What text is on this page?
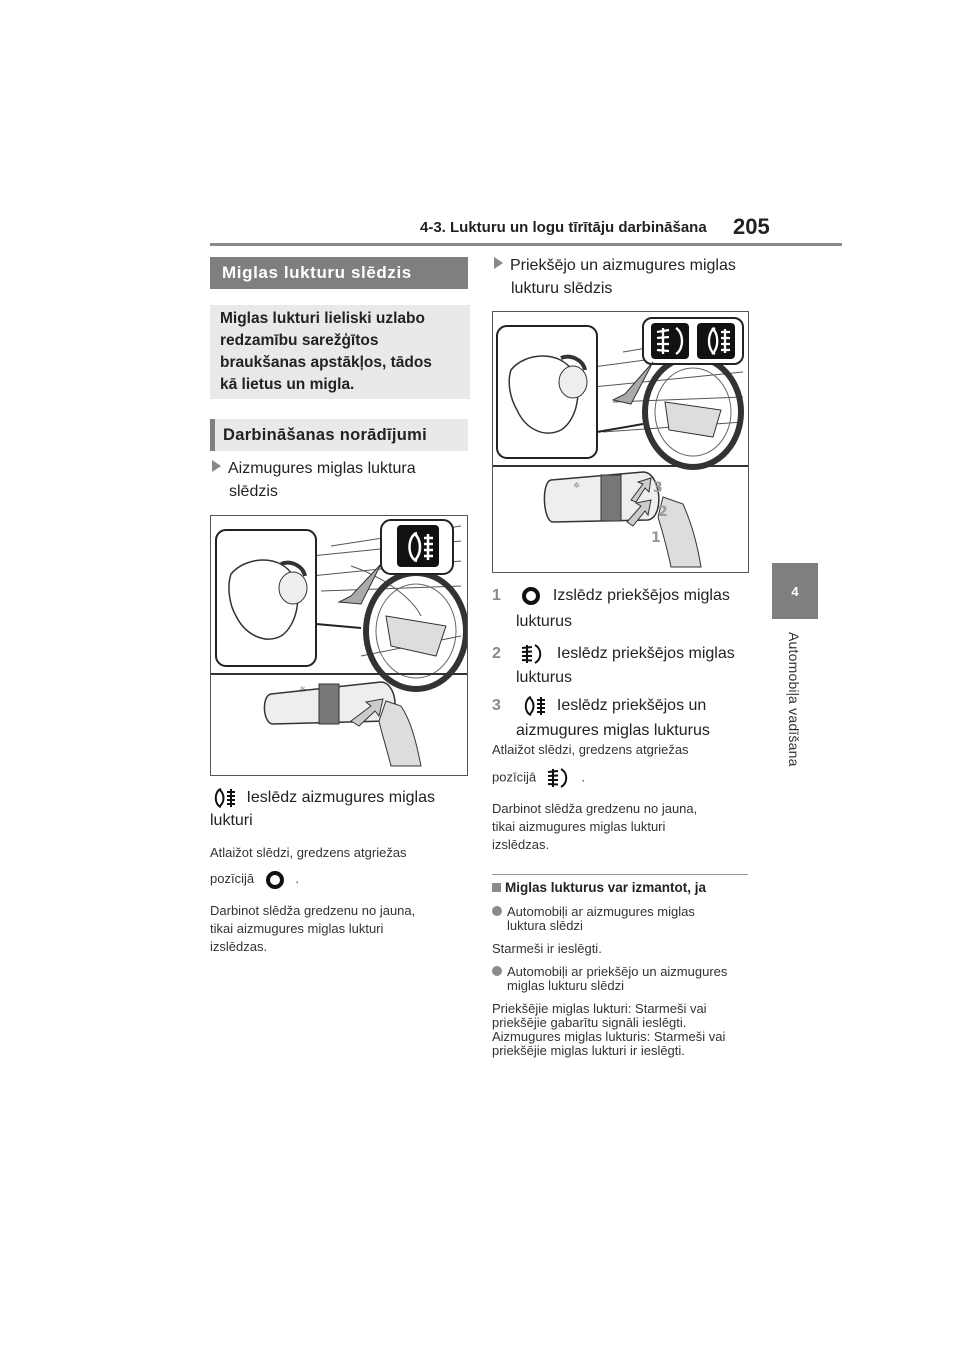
4-3. Lukturu un logu tīrītāju darbināšana 205
4
Automobiļa vadīšana
Miglas lukturu slēdzis
Miglas lukturi lieliski uzlabo
redzamību sarežģītos
braukšanas apstākļos, tādos
kā lietus un migla.
Darbināšanas norādījumi
Aizmugures miglas luktura
slēdzis
☼
Ieslēdz aizmugures miglas
lukturi
Atlaižot slēdzi, gredzens atgriežas
pozīcijā	.
Darbinot slēdža gredzenu no jauna,
tikai aizmugures miglas lukturi
izslēdzas.
Priekšējo un aizmugures miglas
lukturu slēdzis
3
2
1
☼
1	Izslēdz priekšējos miglas
lukturus
2	Ieslēdz priekšējos miglas
lukturus
3	Ieslēdz priekšējos un
aizmugures miglas lukturus
Atlaižot slēdzi, gredzens atgriežas
pozīcijā	.
Darbinot slēdža gredzenu no jauna,
tikai aizmugures miglas lukturi
izslēdzas.
Miglas lukturus var izmantot, ja
Automobiļi ar aizmugures miglas
luktura slēdzi
Starmeši ir ieslēgti.
Automobiļi ar priekšējo un aizmugures
miglas lukturu slēdzi
Priekšējie miglas lukturi: Starmeši vai
priekšējie gabarītu signāli ieslēgti.
Aizmugures miglas lukturis: Starmeši vai
priekšējie miglas lukturi ir ieslēgti.
